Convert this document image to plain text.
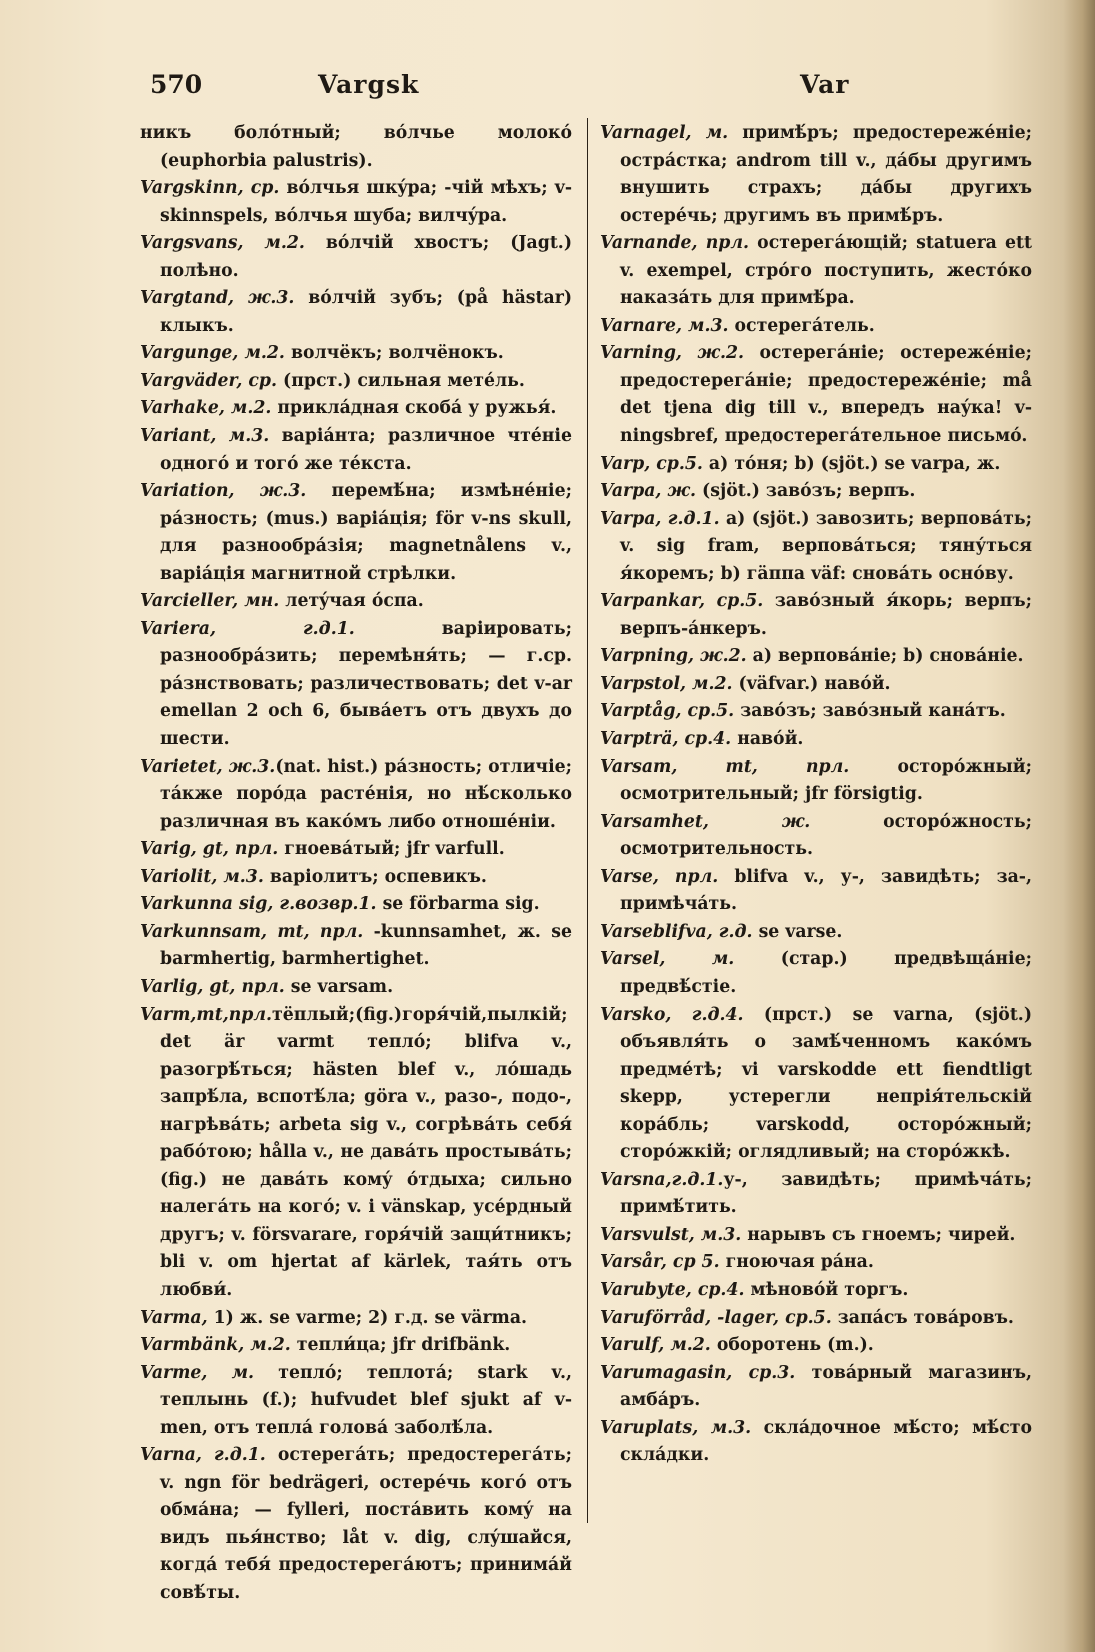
570	Vargsk	Var

никъ болóтный; вóлчье молокó (euphorbia palustris).

Vargskinn, ср. вóлчья шкýра; -чiй мѣхъ; v-skinnspels, вóлчья шуба; вилчýра.

Vargsvans, м.2. вóлчiй хвостъ; (Jagt.) полѣно.

Vargtand, ж.3. вóлчiй зубъ; (på hästar) клыкъ.

Vargunge, м.2. волчёкъ; волчёнокъ.

Vargväder, ср. (прст.) сильная метéль.

Varhake, м.2. приклáдная скобá у ружья́.

Variant, м.3. вapiáнта; различное чтéнiе одногó и тогó же тéкста.

Variation, ж.3. перемѣ́на; измѣнéнiе; рáзность; (mus.) варiáцiя; för v-ns skull, для разнообрáзiя; magnetnålens v., вapiáцiя магнитной стрѣлки.

Varcieller, мн. летýчая óспа.

Variera, г.д.1. вapiировать; разнообрáзить; перемѣня́ть; — г.ср. рáзнствовать; различествовать; det v-ar emellan 2 och 6, бывáетъ отъ двухъ до шести.

Varietet, ж.3.(nat. hist.) рáзность; отличiе; тáкже порóда растéнiя, но нѣ́сколько различная въ какóмъ либо отношéнiи.

Varig, gt, прл. гноевáтый; jfr varfull.

Variolit, м.3. варiолитъ; оспевикъ.

Varkunna sig, г.возвр.1. se förbarma sig.

Varkunnsam, mt, прл. -kunnsamhet, ж. se barmhertig, barmhertighet.

Varlig, gt, прл. se varsam.

Varm,mt,прл.тёплый;(fig.)горя́чiй,пылкiй; det är varmt теплó; blifva v., разогрѣ́ться; hästen blef v., лóшадь запрѣ́ла, вспотѣ́ла; göra v., разо-, подо-, нагрѣвáть; arbeta sig v., согрѣвáть себя́ рабóтою; hålla v., не давáть простывáть; (fig.) не давáть комý óтдыха; сильно налегáть на когó; v. i vänskap, усéрдный другъ; v. försvarare, горя́чiй защи́тникъ; bli v. om hjertat af kärlek, тая́ть отъ любви́.

Varma, 1) ж. se varme; 2) г.д. se värma.

Varmbänk, м.2. тепли́ца; jfr drifbänk.

Varme, м. теплó; теплотá; stark v., теплынь (f.); hufvudet blef sjukt af v-men, отъ теплá головá заболѣ́ла.

Varna, г.д.1. остерегáть; предостерегáть; v. ngn för bedrägeri, остерéчь когó отъ обмáна; — fylleri, постáвить комý на видъ пья́нство; låt v. dig, слýшайся, когдá тебя́ предостерегáютъ; принимáй совѣ́ты.

Varnagel, м. примѣ́ръ; предостережéнiе; острáстка; androm till v., дáбы другимъ внушить страхъ; дáбы другихъ остерéчь; другимъ въ примѣ́ръ.

Varnande, прл. остерегáющiй; statuera ett v. exempel, стрóго поступить, жестóко наказáть для примѣ́ра.

Varnare, м.3. остерегáтель.

Varning, ж.2. остерегáнiе; остережéнiе; предостерегáнiе; предостережéнiе; må det tjena dig till v., впередъ наýка! v-ningsbref, предостерегáтельное письмó.

Varp, ср.5. а) тóня; b) (sjöt.) se varpa, ж.

Varpa, ж. (sjöt.) завóзъ; верпъ.

Varpa, г.д.1. а) (sjöt.) завозить; верповáть; v. sig fram, верповáться; тяну́ться я́коремъ; b) гäппа väf: сновáть оснóву.

Varpankar, ср.5. завóзный я́корь; верпъ; верпъ-áнкеръ.

Varpning, ж.2. а) верповáнiе; b) сновáнiе.

Varpstol, м.2. (väfvar.) навóй.

Varptåg, ср.5. завóзъ; завóзный канáтъ.

Varpträ, ср.4. навóй.

Varsam, mt, прл. осторóжный; осмотрительный; jfr försigtig.

Varsamhet, ж. осторóжность; осмотрительность.

Varse, прл. blifva v., у-, завидѣть; за-, примѣчáть.

Varseblifva, г.д. se varse.

Varsel, м. (стар.) предвѣщáнiе; предвѣ́стiе.

Varsko, г.д.4. (прст.) se varna, (sjöt.) объявля́ть о замѣ́ченномъ какóмъ предмéтѣ; vi varskodde ett fiendtligt skepp, устерегли непрiя́тельскiй корáбль; varskodd, осторóжный; сторóжкiй; оглядливый; на сторóжкѣ.

Varsna,г.д.1.у-, завидѣть; примѣчáть; примѣ́тить.

Varsvulst, м.3. нарывъ съ гноемъ; чирей.

Varsår, ср 5. гноючая рáна.

Varubyte, ср.4. мѣновóй торгъ.

Varuförråd, -lager, ср.5. запáсъ товáровъ.

Varulf, м.2. оборотень (m.).

Varumagasin, ср.3. товáрный магазинъ, амбáръ.

Varuplats, м.3. склáдочное мѣ́сто; мѣ́сто склáдки.
